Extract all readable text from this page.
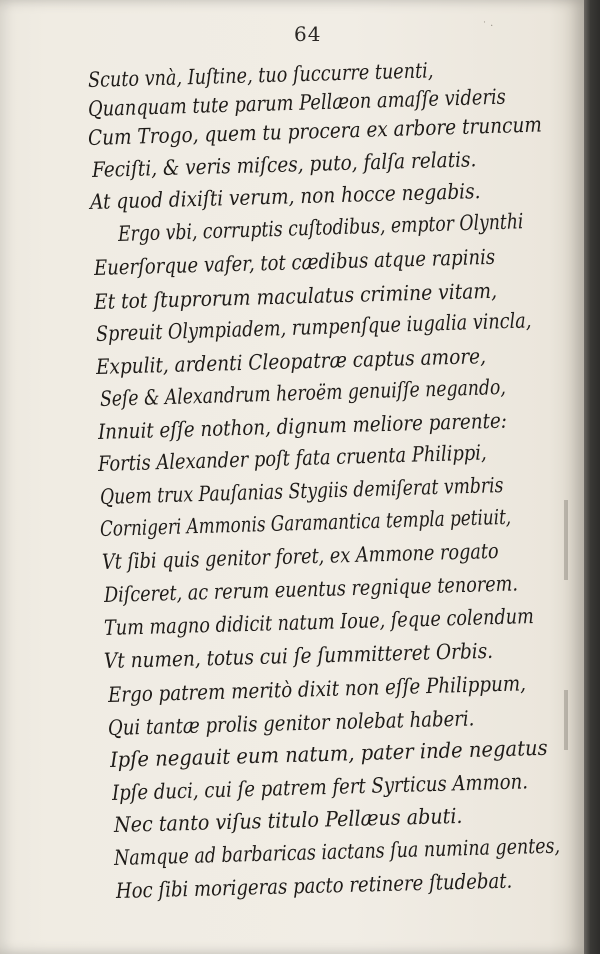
64	˙ ·
Scuto vnà, Iuſtine, tuo ſuccurre tuenti,
Quanquam tute parum Pellæon amaſſe videris
Cum Trogo, quem tu procera ex arbore truncum
Feciſti, & veris miſces, puto, falſa relatis.
At quod dixiſti verum, non hocce negabis.
Ergo vbi, corruptis cuſtodibus, emptor Olynthi
Euerſorque vafer, tot cædibus atque rapinis
Et tot ſtuprorum maculatus crimine vitam,
Spreuit Olympiadem, rumpenſque iugalia vincla,
Expulit, ardenti Cleopatræ captus amore,
Seſe & Alexandrum heroëm genuiſſe negando,
Innuit eſſe nothon, dignum meliore parente:
Fortis Alexander poſt fata cruenta Philippi,
Quem trux Pauſanias Stygiis demiſerat vmbris
Cornigeri Ammonis Garamantica templa petiuit,
Vt ſibi quis genitor foret, ex Ammone rogato
Diſceret, ac rerum euentus regnique tenorem.
Tum magno didicit natum Ioue, ſeque colendum
Vt numen, totus cui ſe ſummitteret Orbis.
Ergo patrem meritò dixit non eſſe Philippum,
Qui tantæ prolis genitor nolebat haberi.
Ipſe negauit eum natum, pater inde negatus
Ipſe duci, cui ſe patrem fert Syrticus Ammon.
Nec tanto viſus titulo Pellæus abuti.
Namque ad barbaricas iactans ſua numina gentes,
Hoc ſibi morigeras pacto retinere ſtudebat.
